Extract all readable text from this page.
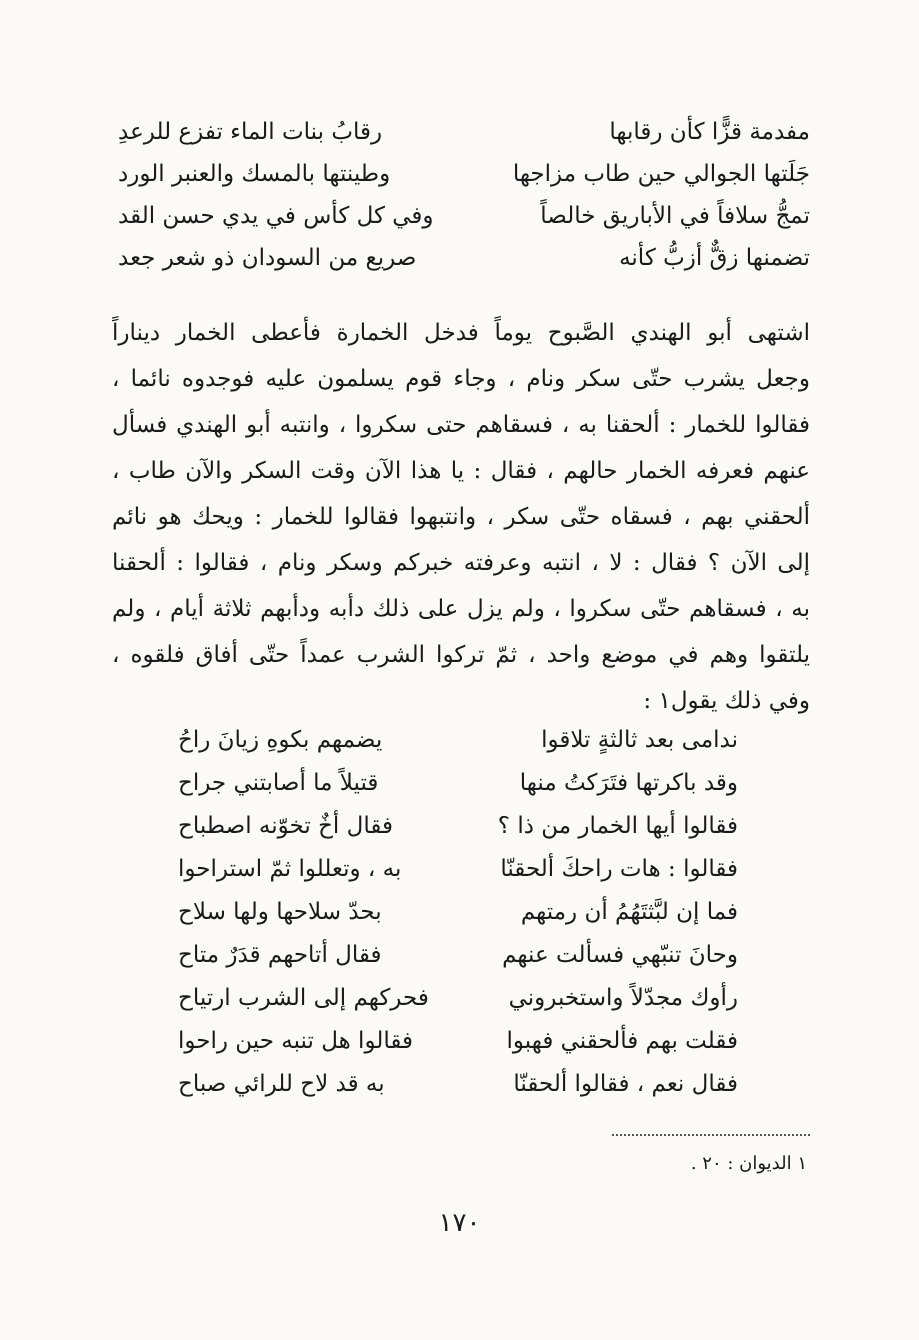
مفدمة قزًّا كأن رقابها
رقابُ بنات الماء تفزع للرعدِ
جَلَتها الجوالي حين طاب مزاجها
وطينتها بالمسك والعنبر الورد
تمجُّ سلافاً في الأباريق خالصاً
وفي كل كأس في يدي حسن القد
تضمنها زقٌّ أزبُّ كأنه
صريع من السودان ذو شعر جعد
اشتهى أبو الهندي الصَّبوح يوماً فدخل الخمارة فأعطى الخمار ديناراً
وجعل يشرب حتّى سكر ونام ، وجاء قوم يسلمون عليه فوجدوه نائما ،
فقالوا للخمار : ألحقنا به ، فسقاهم حتى سكروا ، وانتبه أبو الهندي فسأل
عنهم فعرفه الخمار حالهم ، فقال : يا هذا الآن وقت السكر والآن طاب ،
ألحقني بهم ، فسقاه حتّى سكر ، وانتبهوا فقالوا للخمار : ويحك هو نائم
إلى الآن ؟ فقال : لا ، انتبه وعرفته خبركم وسكر ونام ، فقالوا : ألحقنا
به ، فسقاهم حتّى سكروا ، ولم يزل على ذلك دأبه ودأبهم ثلاثة أيام ، ولم
يلتقوا وهم في موضع واحد ، ثمّ تركوا الشرب عمداً حتّى أفاق فلقوه ،
وفي ذلك يقول١ :
ندامى بعد ثالثةٍ تلاقوا
يضمهم بكوهِ زيانَ راحُ
وقد باكرتها فتَرَكتُ منها
قتيلاً ما أصابتني جراح
فقالوا أيها الخمار من ذا ؟
فقال أخٌ تخوّنه اصطباح
فقالوا : هات راحكَ ألحقنّا
به ، وتعللوا ثمّ استراحوا
فما إن لبَّثتَهُمُ أن رمتهم
بحدّ سلاحها ولها سلاح
وحانَ تنبّهي فسألت عنهم
فقال أتاحهم قدَرٌ متاح
رأوك مجدّلاً واستخبروني
فحركهم إلى الشرب ارتياح
فقلت بهم فألحقني فهبوا
فقالوا هل تنبه حين راحوا
فقال نعم ، فقالوا ألحقنّا
به قد لاح للرائي صباح
١ الديوان : ٢٠ .
١٧٠
